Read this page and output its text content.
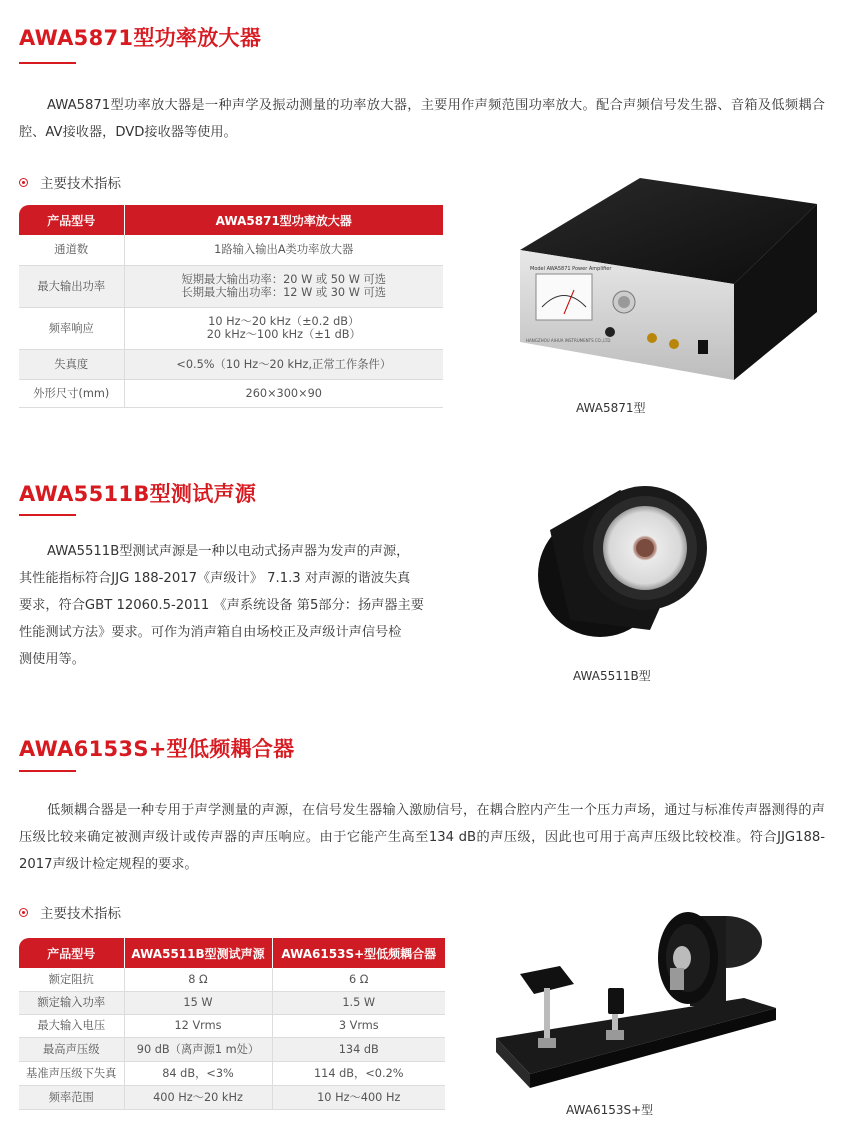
AWA5871型功率放大器
AWA5871型功率放大器是一种声学及振动测量的功率放大器，主要用作声频范围功率放大。配合声频信号发生器、音箱及低频耦合腔、AV接收器，DVD接收器等使用。
主要技术指标
产品型号	AWA5871型功率放大器
通道数	1路输入输出A类功率放大器

最大输出功率	短期最大输出功率：20 W 或 50 W 可选
长期最大输出功率：12 W 或 30 W 可选

频率响应	10 Hz～20 kHz（±0.2 dB）
20 kHz～100 kHz（±1 dB）

失真度	<0.5%（10 Hz～20 kHz,正常工作条件）

外形尺寸(mm)	260×300×90
Model AWA5871 Power Amplifier
HANGZHOU AIHUA INSTRUMENTS CO.,LTD
AWA5871型
AWA5511B型测试声源
AWA5511B型测试声源是一种以电动式扬声器为发声的声源，
其性能指标符合JJG 188-2017《声级计》 7.1.3 对声源的谐波失真
要求，符合GBT 12060.5-2011 《声系统设备 第5部分：扬声器主要
性能测试方法》要求。可作为消声箱自由场校正及声级计声信号检
测使用等。
AWA5511B型
AWA6153S+型低频耦合器
低频耦合器是一种专用于声学测量的声源，在信号发生器输入激励信号，在耦合腔内产生一个压力声场，通过与标准传声器测得的声压级比较来确定被测声级计或传声器的声压响应。由于它能产生高至134 dB的声压级，因此也可用于高声压级比较校准。符合JJG188-2017声级计检定规程的要求。
主要技术指标
产品型号	AWA5511B型测试声源	AWA6153S+型低频耦合器
额定阻抗	8 Ω	6 Ω
额定输入功率	15 W	1.5 W
最大输入电压	12 Vrms	3 Vrms
最高声压级	90 dB（离声源1 m处）	134 dB
基准声压级下失真	84 dB，<3%	114 dB，<0.2%
频率范围	400 Hz～20 kHz	10 Hz～400 Hz
AWA6153S+型
